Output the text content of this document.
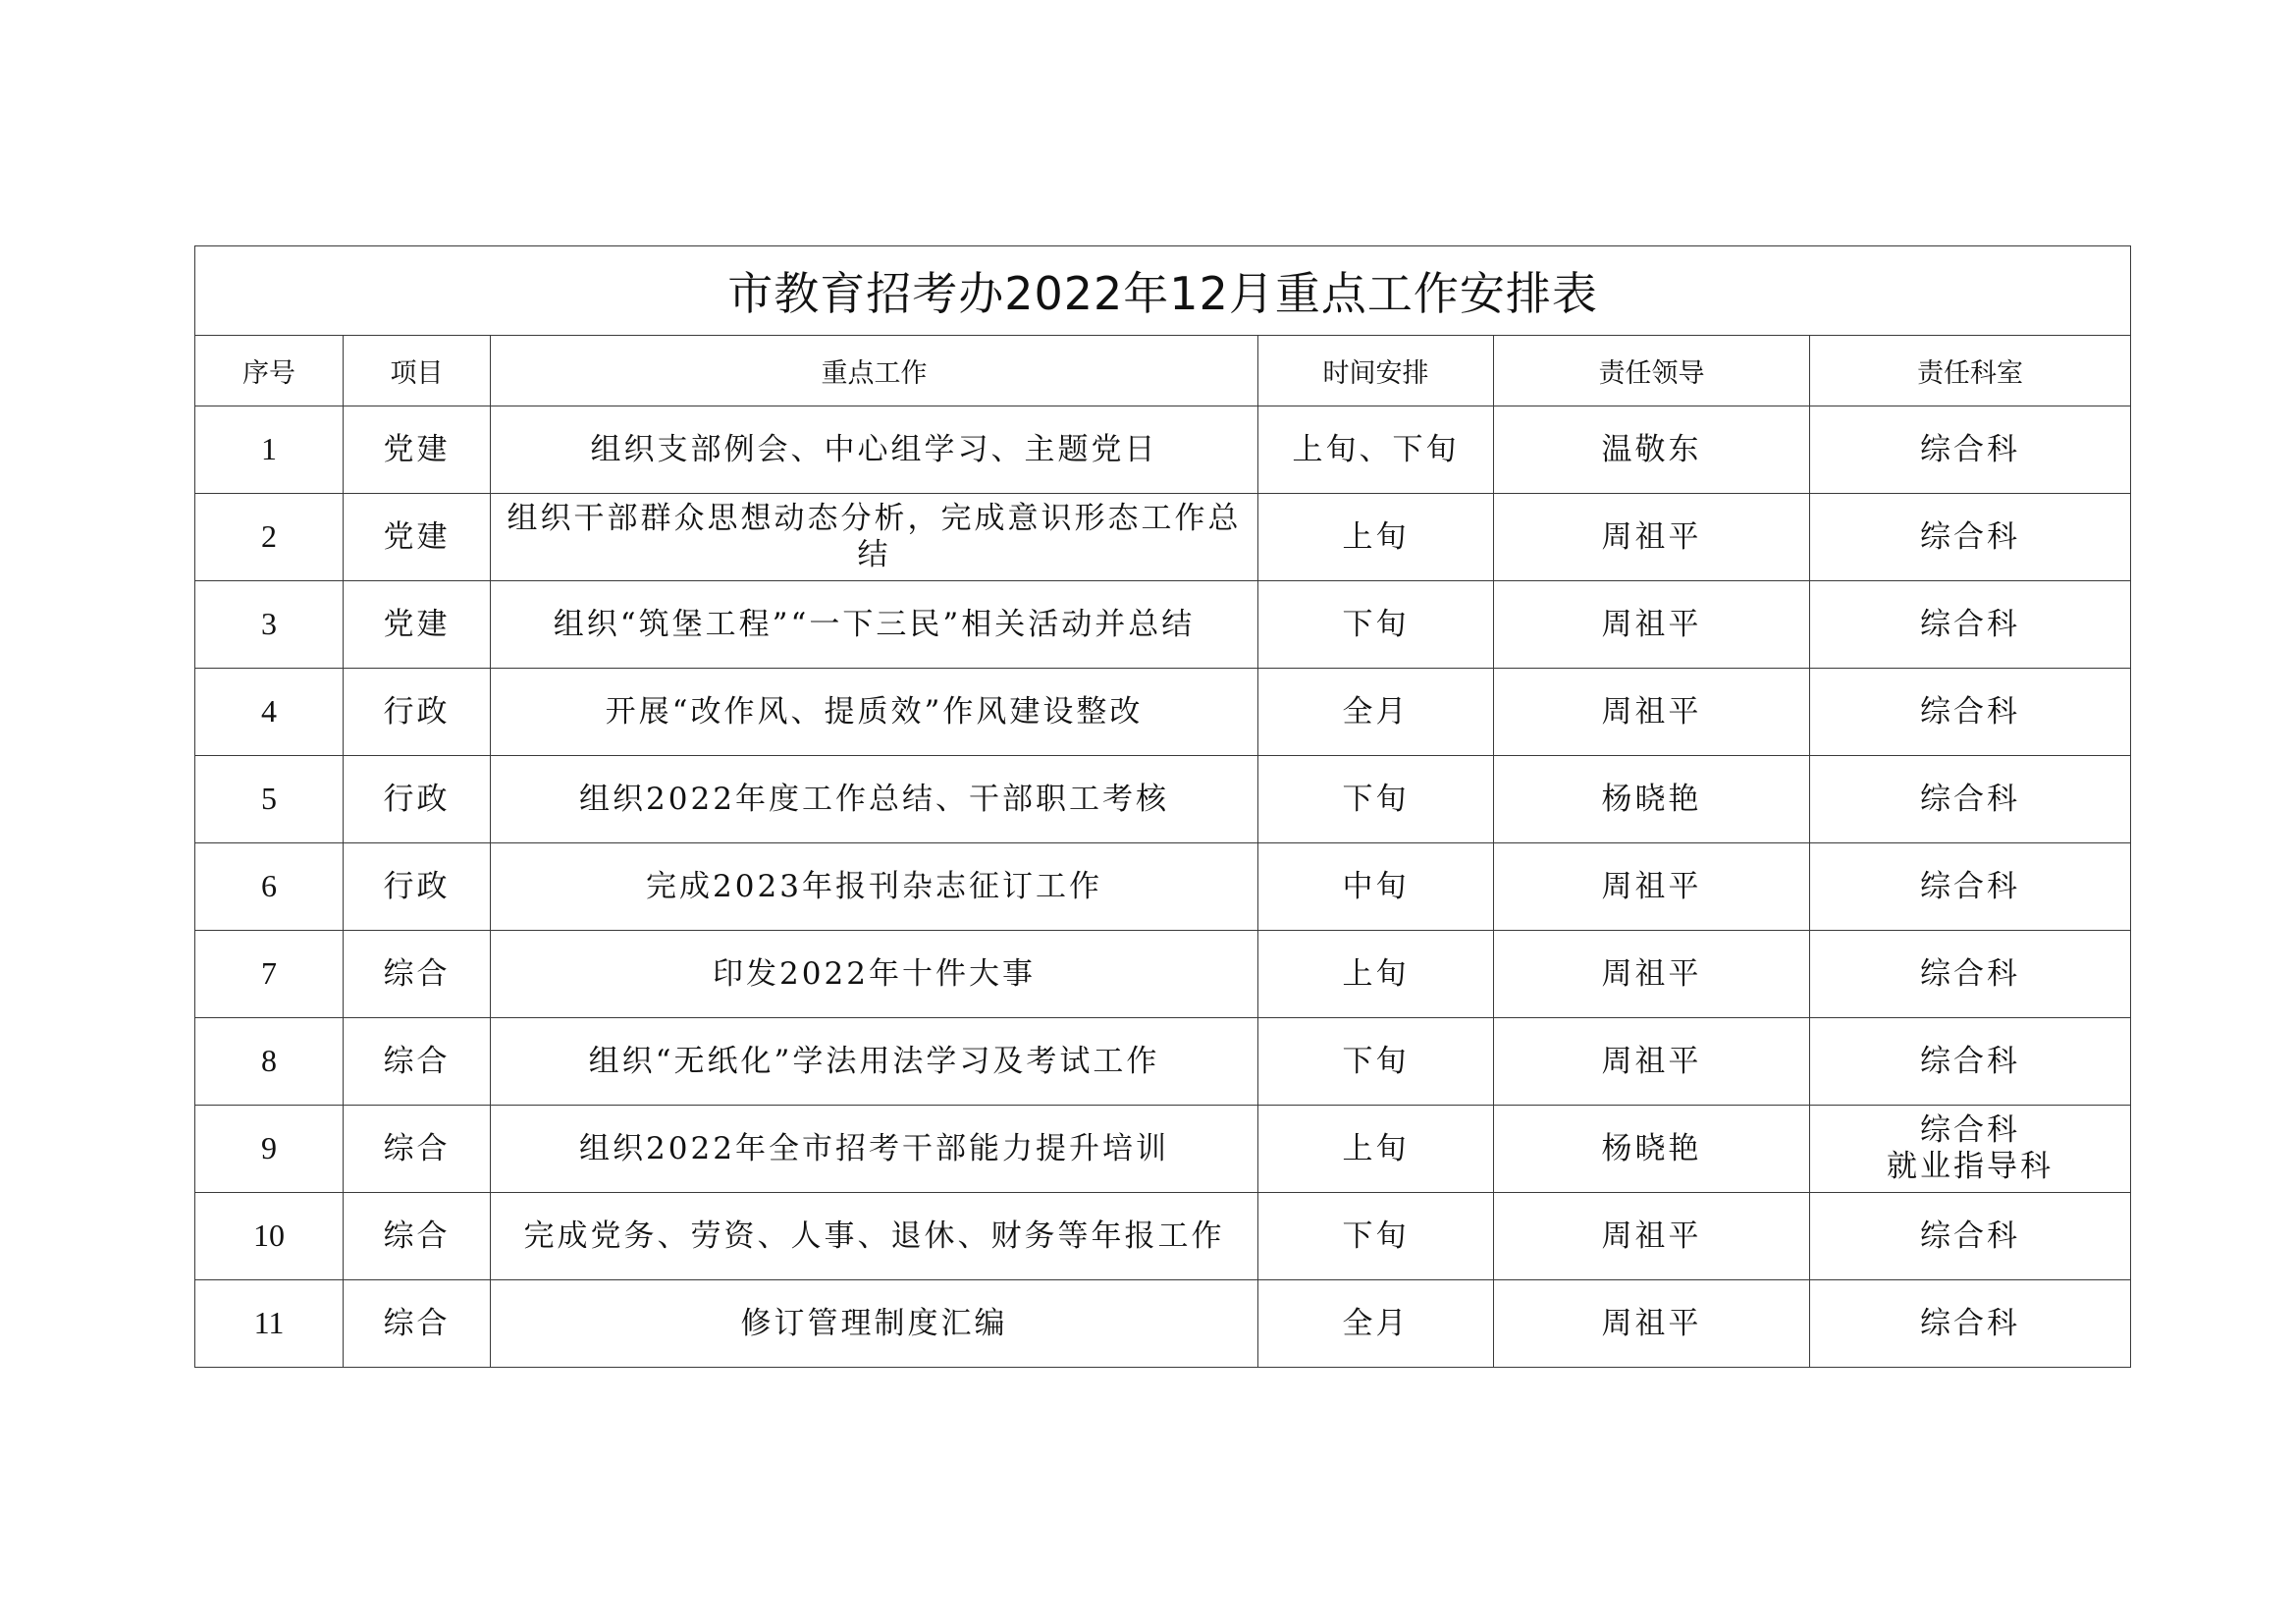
市教育招考办2022年12月重点工作安排表					
序号	项目	重点工作	时间安排	责任领导	责任科室
1	党建	组织支部例会、中心组学习、主题党日	上旬、下旬	温敬东	综合科

2	党建	组织干部群众思想动态分析，完成意识形态工作总结	上旬	周祖平	综合科

3	党建	组织“筑堡工程”“一下三民”相关活动并总结	下旬	周祖平	综合科

4	行政	开展“改作风、提质效”作风建设整改	全月	周祖平	综合科

5	行政	组织2022年度工作总结、干部职工考核	下旬	杨晓艳	综合科

6	行政	完成2023年报刊杂志征订工作	中旬	周祖平	综合科

7	综合	印发2022年十件大事	上旬	周祖平	综合科

8	综合	组织“无纸化”学法用法学习及考试工作	下旬	周祖平	综合科

9	综合	组织2022年全市招考干部能力提升培训	上旬	杨晓艳	综合科
就业指导科

10	综合	完成党务、劳资、人事、退休、财务等年报工作	下旬	周祖平	综合科

11	综合	修订管理制度汇编	全月	周祖平	综合科
